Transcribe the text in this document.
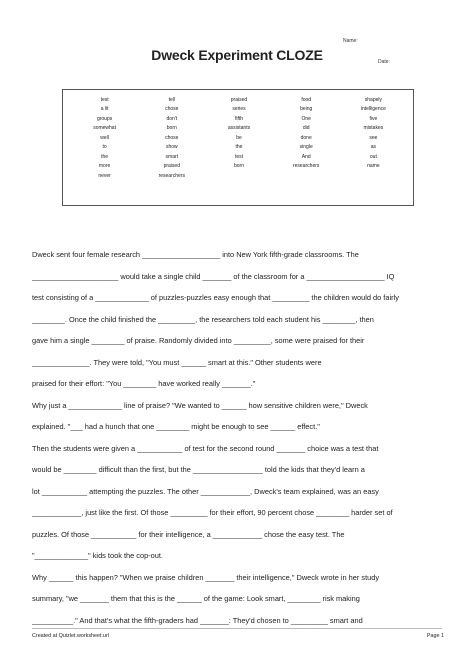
Dweck Experiment CLOZE
Name:
Date:
test	tell	praised	food	shapely
a lit	chose	series	being	intelligence
groups	don't	fifth	One	five
somewhat	born	assistants	did	mistakes
well	chose	be	done	see
to	show	the	single	as
the	smart	test	And	out
more	praised	born	researchers	name
never	researchers
Dweck sent four female research ___________________ into New York fifth-grade classrooms. The
_____________________ would take a single child _______ of the classroom for a ___________________ IQ
test consisting of a _____________ of puzzles-puzzles easy enough that _________ the children would do fairly
________. Once the child finished the _________, the researchers told each student his ________, then
gave him a single ________ of praise. Randomly divided into _________, some were praised for their
______________. They were told, "You must ______ smart at this." Other students were
praised for their effort: "You ________ have worked really _______."
Why just a _____________ line of praise? "We wanted to ______ how sensitive children were," Dweck
explained. "___ had a hunch that one ________ might be enough to see ______ effect."
Then the students were given a ___________ of test for the second round _______ choice was a test that
would be ________ difficult than the first, but the _________________ told the kids that they'd learn a
lot ___________ attempting the puzzles. The other ____________, Dweck's team explained, was an easy
____________, just like the first. Of those _________ for their effort, 90 percent chose ________ harder set of
puzzles. Of those ___________ for their intelligence, a ____________ chose the easy test. The
"_____________" kids took the cop-out.
Why ______ this happen? "When we praise children _______ their intelligence," Dweck wrote in her study
summary, "we _______ them that this is the ______ of the game: Look smart, ________ risk making
__________." And that's what the fifth-graders had _______: They'd chosen to _________ smart and
Created at Quizlet.worksheet.url	Page 1
